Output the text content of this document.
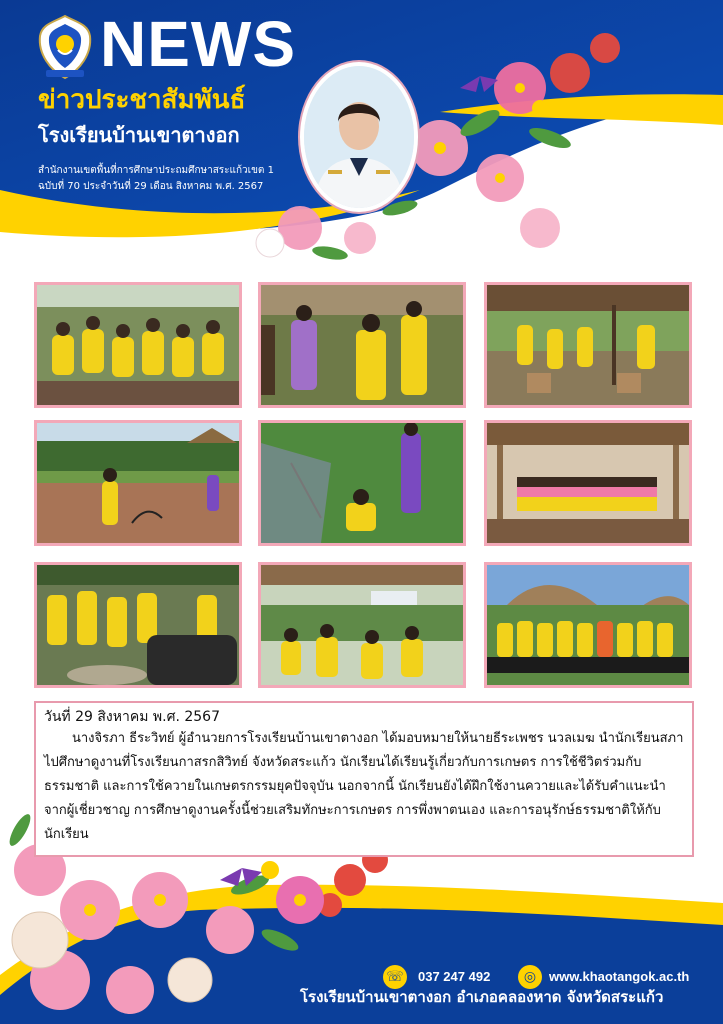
NEWS
ข่าวประชาสัมพันธ์
โรงเรียนบ้านเขาตางอก
สำนักงานเขตพื้นที่การศึกษาประถมศึกษาสระแก้วเขต 1
ฉบับที่ 70 ประจำวันที่ 29 เดือน สิงหาคม พ.ศ. 2567
วันที่ 29 สิงหาคม พ.ศ. 2567
นางจิรภา ธีระวิทย์ ผู้อำนวยการโรงเรียนบ้านเขาตางอก ได้มอบหมายให้นายธีระเพชร นวลเมฆ นำนักเรียนสภาไปศึกษาดูงานที่โรงเรียนกาสรกสิวิทย์ จังหวัดสระแก้ว นักเรียนได้เรียนรู้เกี่ยวกับการเกษตร การใช้ชีวิตร่วมกับธรรมชาติ และการใช้ควายในเกษตรกรรมยุคปัจจุบัน นอกจากนี้ นักเรียนยังได้ฝึกใช้งานควายและได้รับคำแนะนำจากผู้เชี่ยวชาญ การศึกษาดูงานครั้งนี้ช่วยเสริมทักษะการเกษตร การพึ่งพาตนเอง และการอนุรักษ์ธรรมชาติให้กับนักเรียน
☏ 037 247 492	◎ www.khaotangok.ac.th
โรงเรียนบ้านเขาตางอก อำเภอคลองหาด จังหวัดสระแก้ว
